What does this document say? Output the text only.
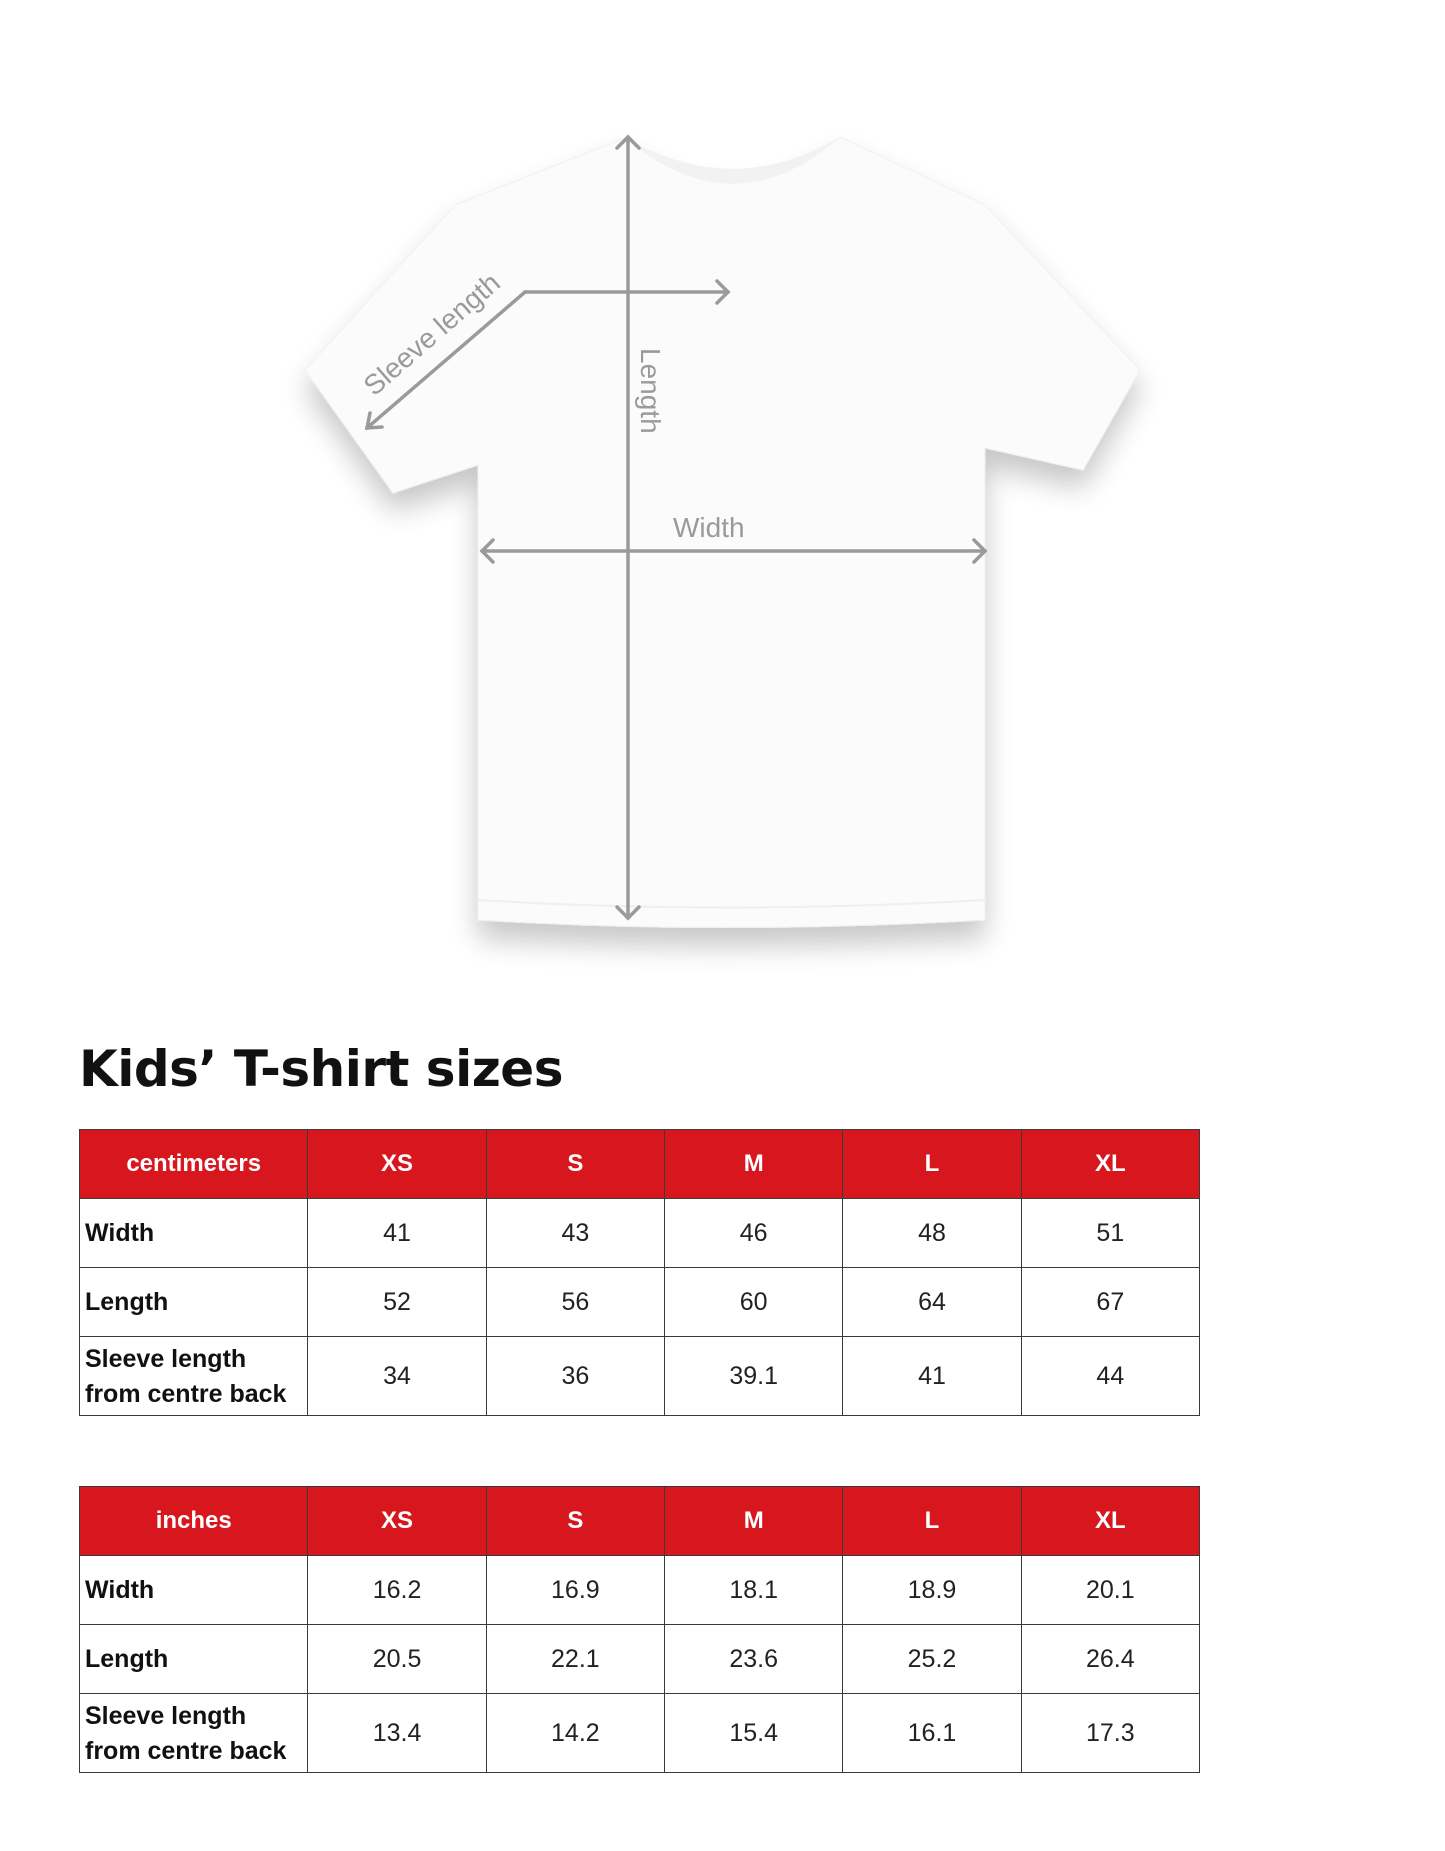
Sleeve length	Length
Width
Kids’ T-shirt sizes
centimeters	XS	S	M	L	XL
Width	41	43	46	48	51
Length	52	56	60	64	67
Sleeve length
from centre back	34	36	39.1	41	44
inches	XS	S	M	L	XL
Width	16.2	16.9	18.1	18.9	20.1
Length	20.5	22.1	23.6	25.2	26.4
Sleeve length
from centre back	13.4	14.2	15.4	16.1	17.3
